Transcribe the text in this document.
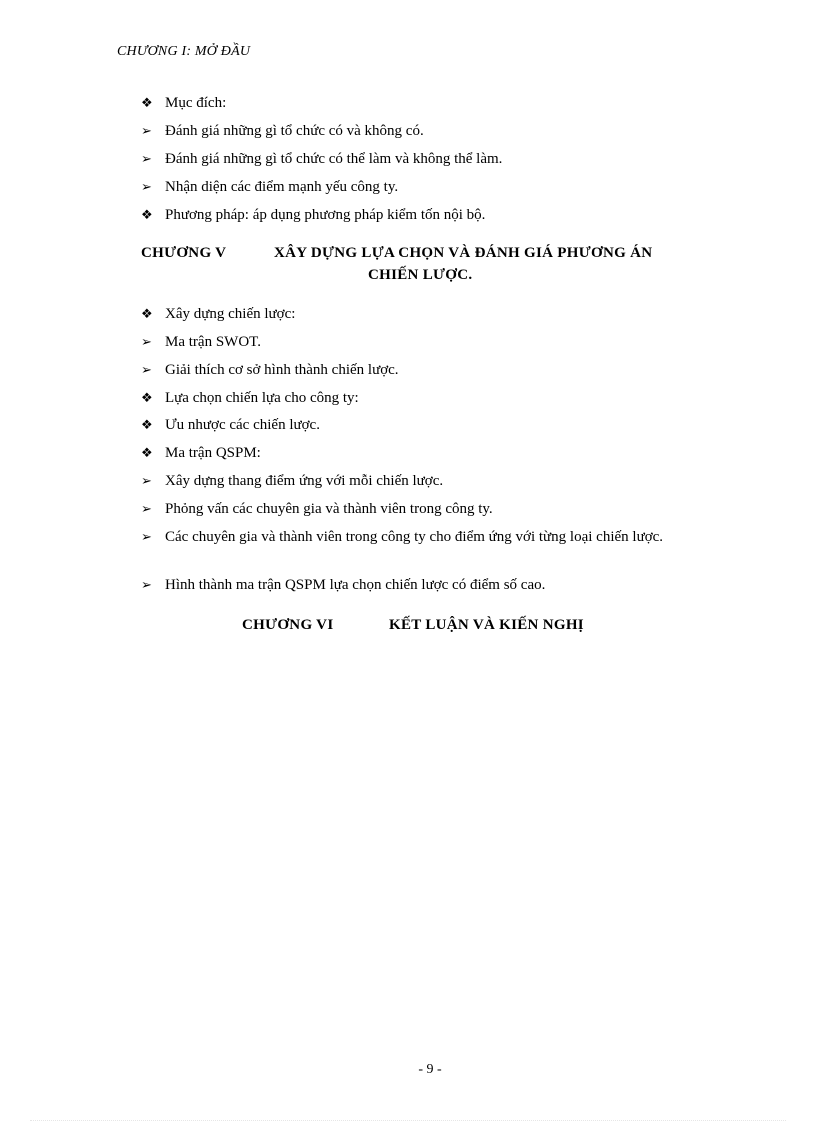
CHƯƠNG I: MỞ ĐẦU
❖ Mục đích:
➢ Đánh giá những gì tổ chức có và không có.
➢ Đánh giá những gì tổ chức có thể làm và không thể làm.
➢ Nhận diện các điểm mạnh yếu công ty.
❖ Phương pháp: áp dụng phương pháp kiểm tốn nội bộ.
CHƯƠNG V	XÂY DỰNG LỰA CHỌN VÀ ĐÁNH GIÁ PHƯƠNG ÁN
CHIẾN LƯỢC.
❖ Xây dựng chiến lược:
➢ Ma trận SWOT.
➢ Giải thích cơ sở hình thành chiến lược.
❖ Lựa chọn chiến lựa cho công ty:
❖ Ưu nhược các chiến lược.
❖ Ma trận QSPM:
➢ Xây dựng thang điểm ứng với mỗi chiến lược.
➢ Phỏng vấn các chuyên gia và thành viên trong công ty.
➢ Các chuyên gia và thành viên trong công ty cho điểm ứng với từng loại chiến lược.
➢ Hình thành ma trận QSPM lựa chọn chiến lược có điểm số cao.
CHƯƠNG VI	KẾT LUẬN VÀ KIẾN NGHỊ
- 9 -
